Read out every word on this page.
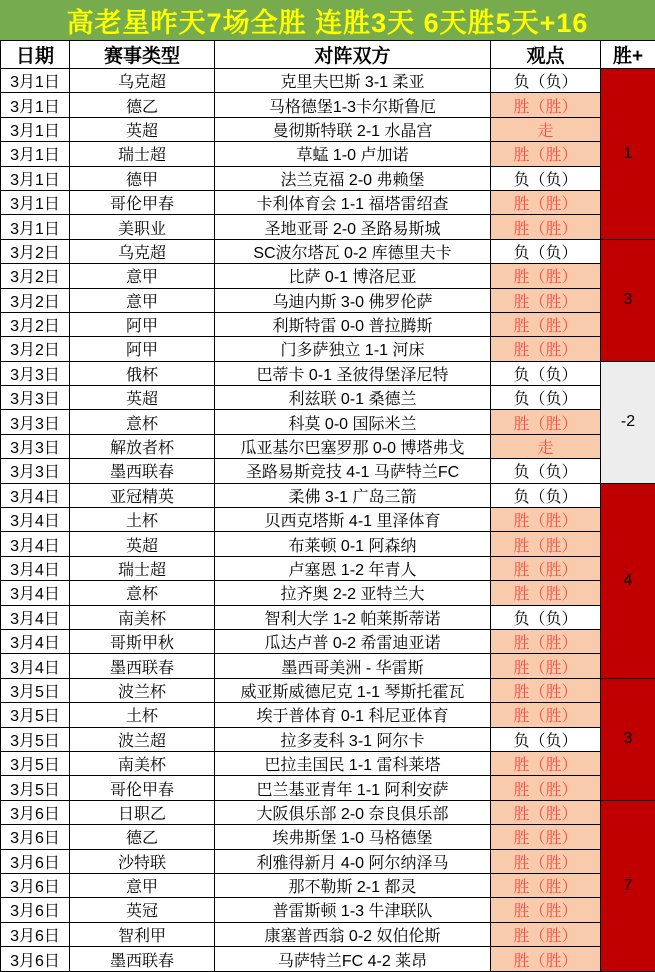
高老星昨天7场全胜 连胜3天 6天胜5天+16
日期	赛事类型	对阵双方	观点	胜+
3月1日	乌克超	克里夫巴斯 3-1 柔亚	负（负）	1
3月1日	德乙	马格德堡1-3卡尔斯鲁厄	胜（胜）	
3月1日	英超	曼彻斯特联 2-1 水晶宫	走	
3月1日	瑞士超	草蜢 1-0 卢加诺	胜（胜）	
3月1日	德甲	法兰克福 2-0 弗赖堡	负（负）	
3月1日	哥伦甲春	卡利体育会 1-1 福塔雷绍查	胜（胜）	
3月1日	美职业	圣地亚哥 2-0 圣路易斯城	胜（胜）	
3月2日	乌克超	SC波尔塔瓦 0-2 库德里夫卡	负（负）	3
3月2日	意甲	比萨 0-1 博洛尼亚	胜（胜）	
3月2日	意甲	乌迪内斯 3-0 佛罗伦萨	胜（胜）	
3月2日	阿甲	利斯特雷 0-0 普拉腾斯	胜（胜）	
3月2日	阿甲	门多萨独立 1-1 河床	胜（胜）	
3月3日	俄杯	巴蒂卡 0-1 圣彼得堡泽尼特	负（负）	-2
3月3日	英超	利兹联 0-1 桑德兰	负（负）	
3月3日	意杯	科莫 0-0 国际米兰	胜（胜）	
3月3日	解放者杯	瓜亚基尔巴塞罗那 0-0 博塔弗戈	走	
3月3日	墨西联春	圣路易斯竞技 4-1 马萨特兰FC	负（负）	
3月4日	亚冠精英	柔佛 3-1 广岛三箭	负（负）	4
3月4日	土杯	贝西克塔斯 4-1 里泽体育	胜（胜）	
3月4日	英超	布莱顿 0-1 阿森纳	胜（胜）	
3月4日	瑞士超	卢塞恩 1-2 年青人	胜（胜）	
3月4日	意杯	拉齐奥 2-2 亚特兰大	胜（胜）	
3月4日	南美杯	智利大学 1-2 帕莱斯蒂诺	负（负）	
3月4日	哥斯甲秋	瓜达卢普 0-2 希雷迪亚诺	胜（胜）	
3月4日	墨西联春	墨西哥美洲 - 华雷斯	胜（胜）	
3月5日	波兰杯	威亚斯威德尼克 1-1 琴斯托霍瓦	胜（胜）	3
3月5日	土杯	埃于普体育 0-1 科尼亚体育	胜（胜）	
3月5日	波兰超	拉多麦科 3-1 阿尔卡	负（负）	
3月5日	南美杯	巴拉圭国民 1-1 雷科莱塔	胜（胜）	
3月5日	哥伦甲春	巴兰基亚青年 1-1 阿利安萨	胜（胜）	
3月6日	日职乙	大阪俱乐部 2-0 奈良俱乐部	胜（胜）	7
3月6日	德乙	埃弗斯堡 1-0 马格德堡	胜（胜）	
3月6日	沙特联	利雅得新月 4-0 阿尔纳泽马	胜（胜）	
3月6日	意甲	那不勒斯 2-1 都灵	胜（胜）	
3月6日	英冠	普雷斯顿 1-3 牛津联队	胜（胜）	
3月6日	智利甲	康塞普西翁 0-2 奴伯伦斯	胜（胜）	
3月6日	墨西联春	马萨特兰FC 4-2 莱昂	胜（胜）	
